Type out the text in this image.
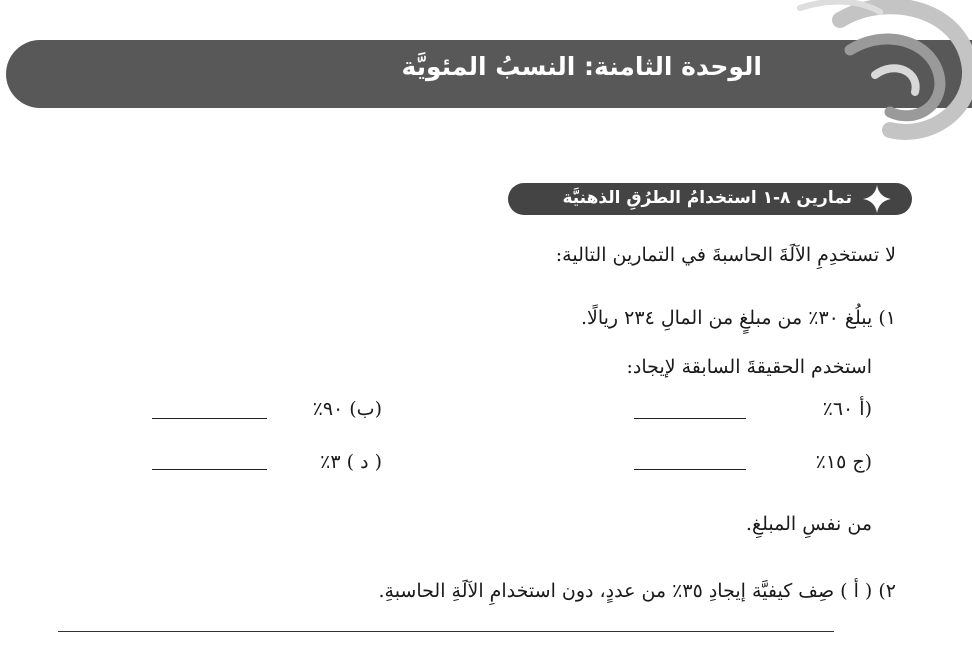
الوحدة الثامنة: النسبُ المئويَّة
تمارين ٨-١ استخدامُ الطرُقِ الذهنيَّة
لا تستخدِمِ الآلَةَ الحاسبةَ في التمارين التالية:
١) يبلُغ ٣٠٪ من مبلغٍ من المالِ ٢٣٤ ريالًا.
استخدم الحقيقةَ السابقة لإيجاد:
(أ ٦٠٪
(ب) ٩٠٪
(ج ١٥٪
( د ) ٣٪
من نفسِ المبلغِ.
٢) ( أ ) صِف كيفيَّة إيجادِ ٣٥٪ من عددٍ، دون استخدامِ الآلَةِ الحاسبةِ.
